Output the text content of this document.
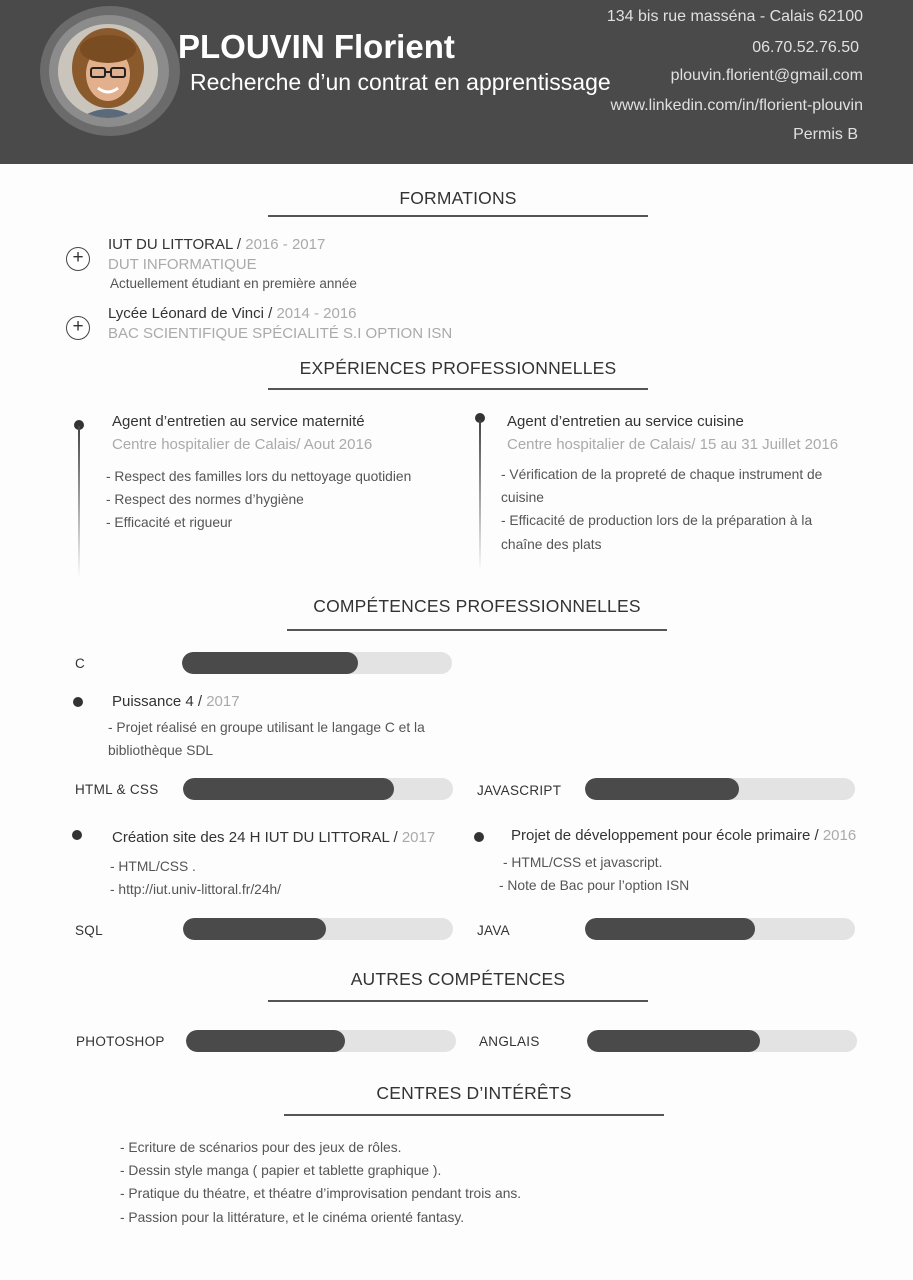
PLOUVIN Florient
Recherche d’un contrat en apprentissage
134 bis rue masséna - Calais 62100
06.70.52.76.50
plouvin.florient@gmail.com
www.linkedin.com/in/florient-plouvin
Permis B
FORMATIONS
+
IUT DU LITTORAL / 2016 - 2017
DUT INFORMATIQUE
Actuellement étudiant en première année
+
Lycée Léonard de Vinci / 2014 - 2016
BAC SCIENTIFIQUE SPÉCIALITÉ S.I OPTION ISN
EXPÉRIENCES PROFESSIONNELLES
Agent d’entretien au service maternité
Centre hospitalier de Calais/ Aout 2016
- Respect des familles lors du nettoyage quotidien
- Respect des normes d’hygiène
- Efficacité et rigueur
Agent d’entretien au service cuisine
Centre hospitalier de Calais/ 15 au 31 Juillet 2016
- Vérification de la propreté de chaque instrument de
cuisine
- Efficacité de production lors de la préparation à la
chaîne des plats
COMPÉTENCES PROFESSIONNELLES
C
Puissance 4 / 2017
- Projet réalisé en groupe utilisant le langage C et la
bibliothèque SDL
HTML & CSS	JAVASCRIPT
Création site des 24 H IUT DU LITTORAL / 2017
- HTML/CSS .
- http://iut.univ-littoral.fr/24h/
Projet de développement pour école primaire / 2016
- HTML/CSS et javascript.
- Note de Bac pour l’option ISN
SQL	JAVA
AUTRES COMPÉTENCES
PHOTOSHOP	ANGLAIS
CENTRES D’INTÉRÊTS
- Ecriture de scénarios pour des jeux de rôles.
- Dessin style manga ( papier et tablette graphique ).
- Pratique du théatre, et théatre d’improvisation pendant trois ans.
- Passion pour la littérature, et le cinéma orienté fantasy.
